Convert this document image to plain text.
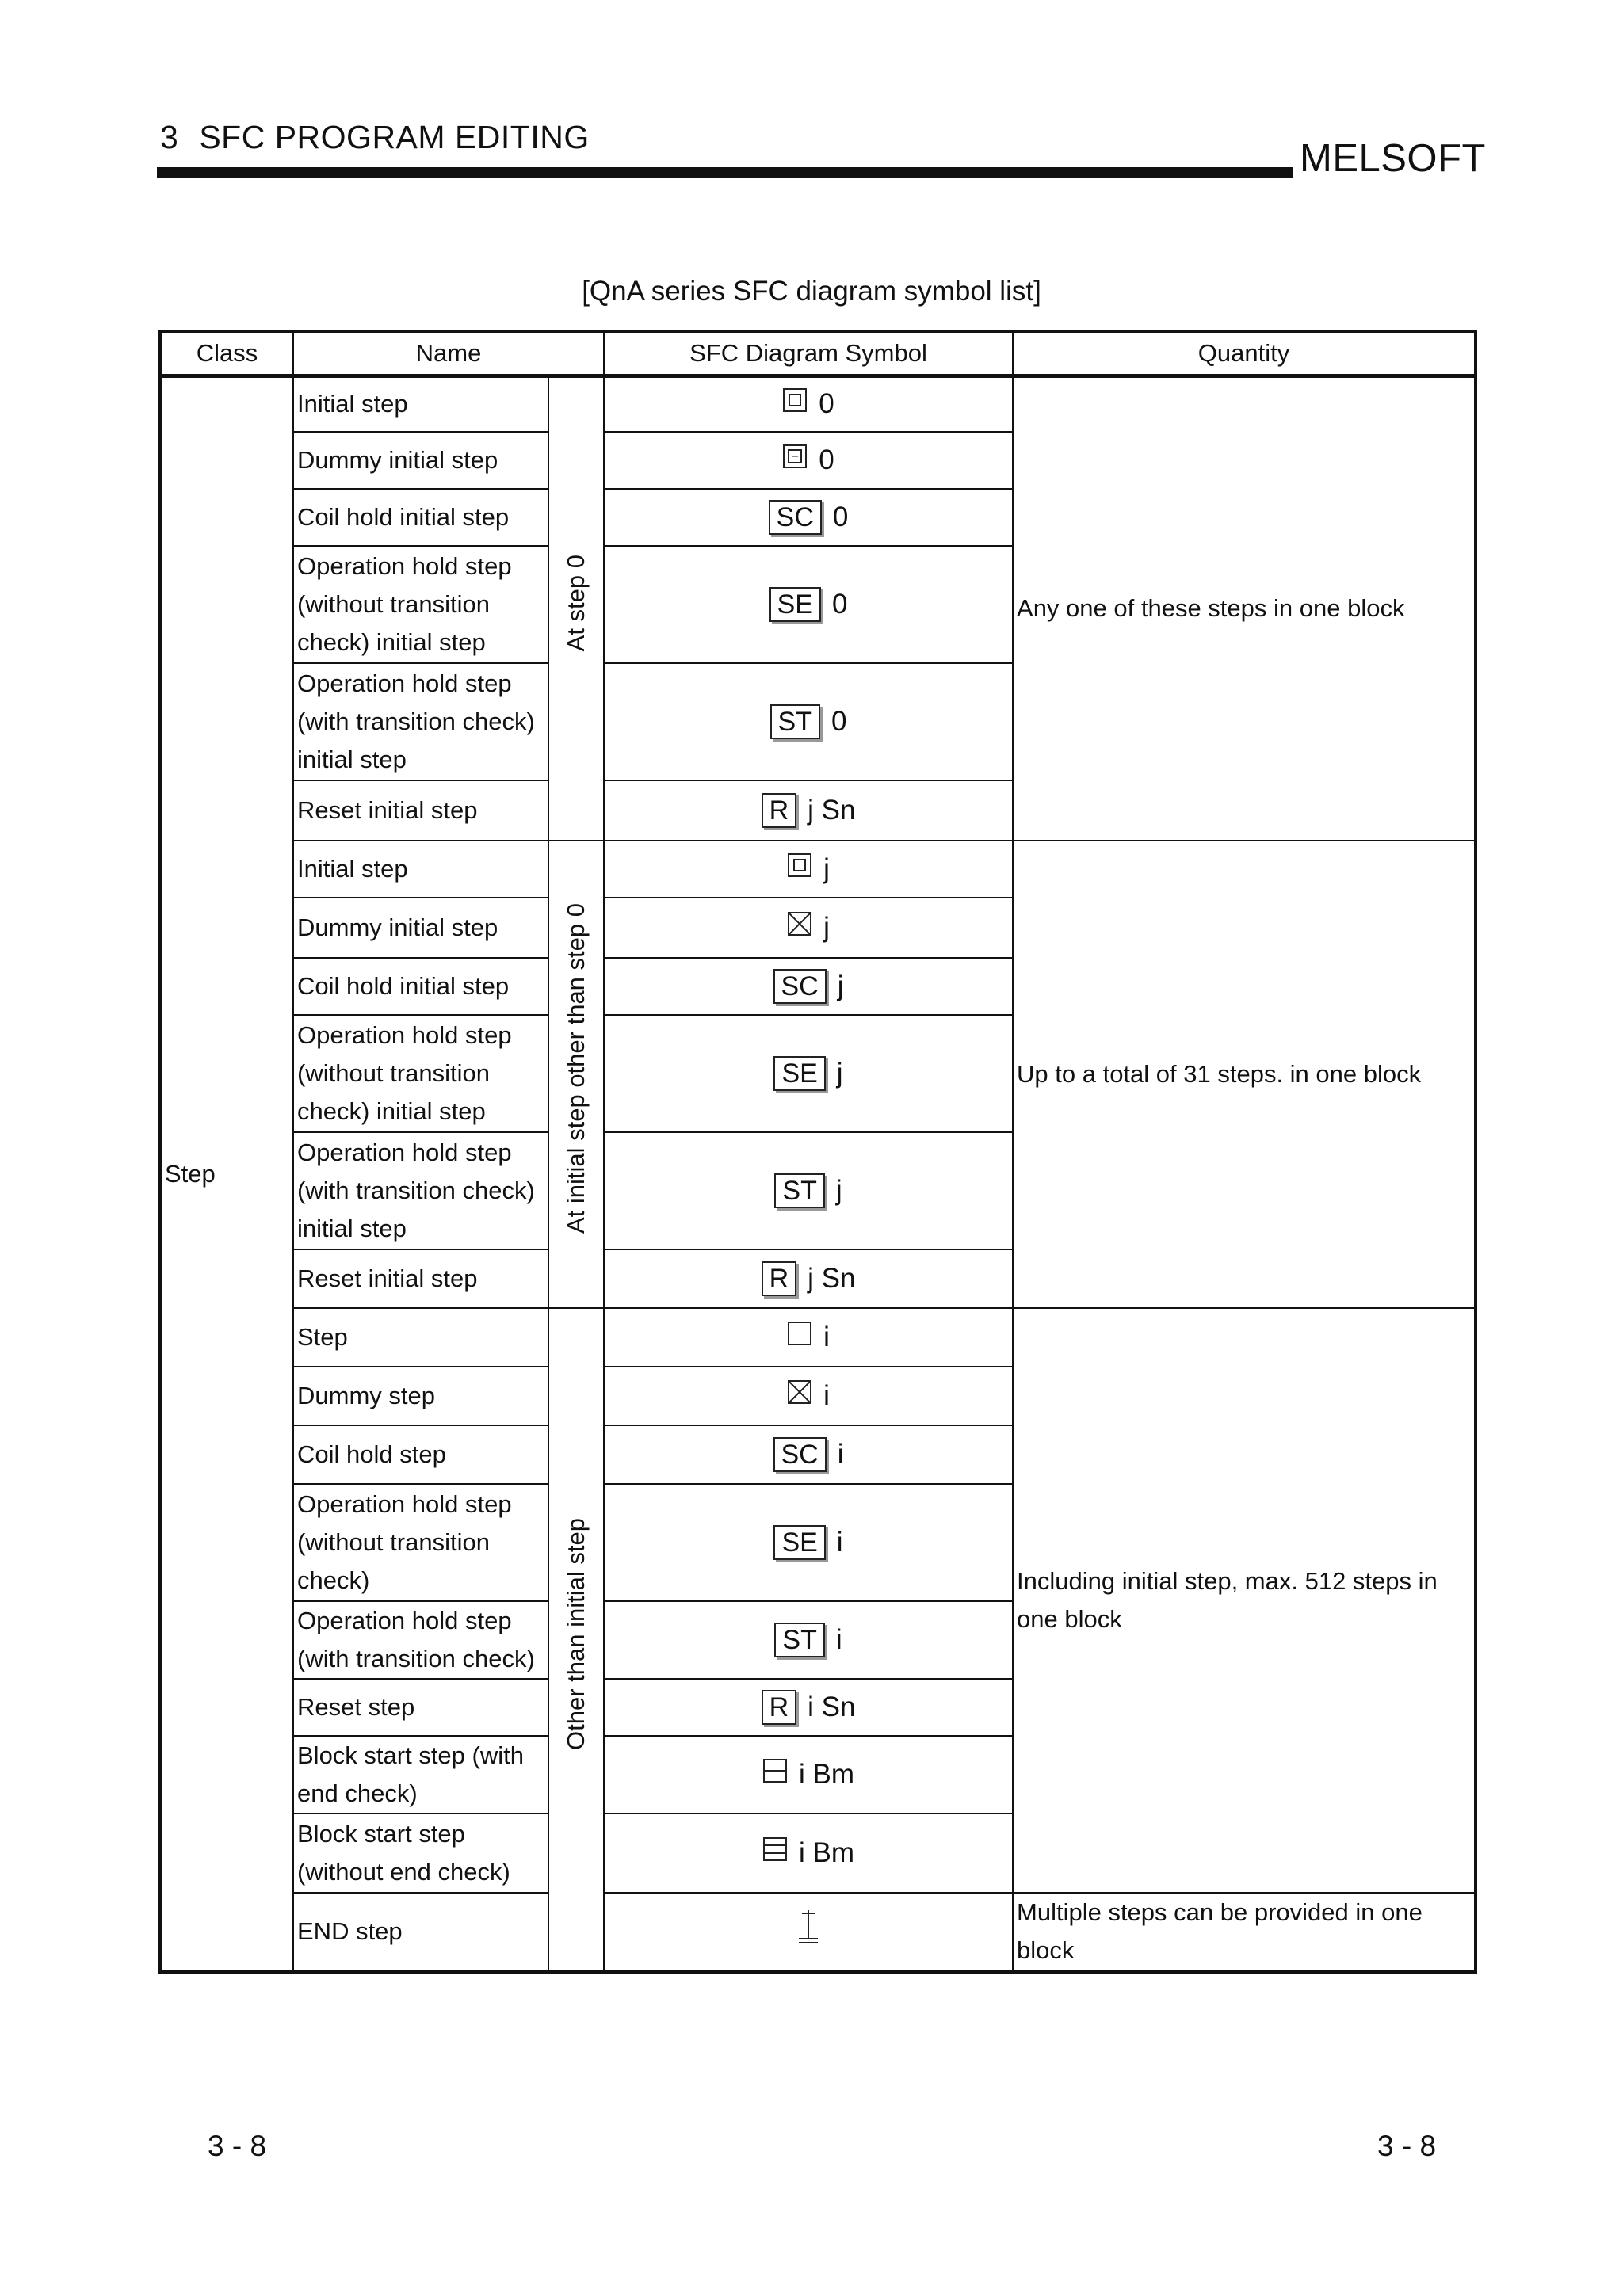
3 SFC PROGRAM EDITING	MELSOFT
[QnA series SFC diagram symbol list]
Class	Name		SFC Diagram Symbol	Quantity
Step	Initial step	At step 0	0	Any one of these steps in one block
	Dummy initial step		0	

	Coil hold initial step		SC 0	

	Operation hold step (without transition check) initial step		SE 0	

	Operation hold step (with transition check) initial step		ST 0	

	Reset initial step		R j Sn	

	Initial step	At initial step other than step 0	j	Up to a total of 31 steps. in one block
	Dummy initial step		j	

	Coil hold initial step		SC j	

	Operation hold step (without transition check) initial step		SE j	

	Operation hold step (with transition check) initial step		ST j	

	Reset initial step		R j Sn	

	Step	Other than initial step	i	Including initial step, max. 512 steps in one block
	Dummy step		i	

	Coil hold step		SC i	

	Operation hold step (without transition check)		SE i	

	Operation hold step (with transition check)		ST i	

	Reset step		R i Sn	

	Block start step (with end check)		i Bm	

	Block start step (without end check)		i Bm	

	END step			Multiple steps can be provided in one block
3 - 8	3 - 8
